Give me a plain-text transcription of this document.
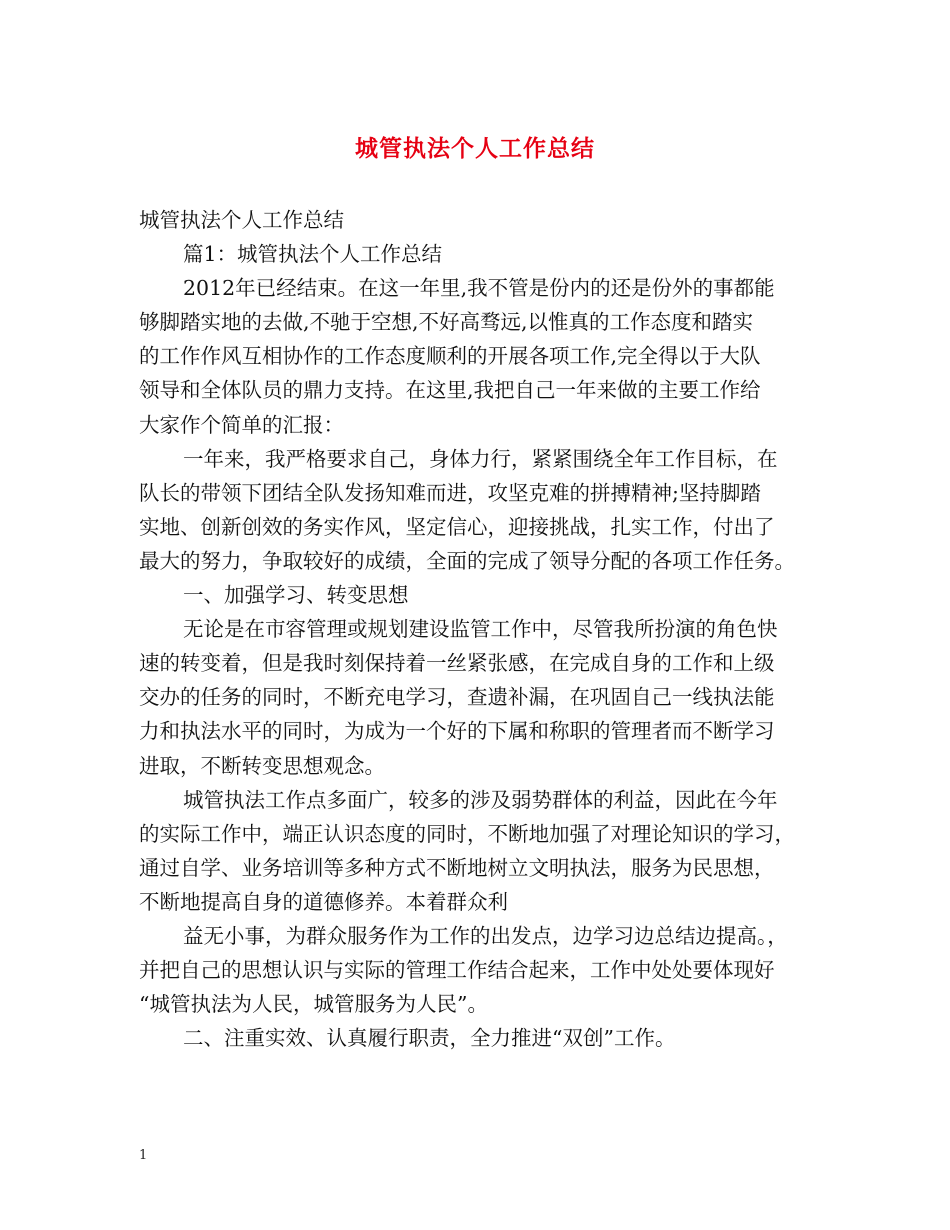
城管执法个人工作总结

城管执法个人工作总结

篇1：城管执法个人工作总结

2012年已经结束。在这一年里,我不管是份内的还是份外的事都能

够脚踏实地的去做,不驰于空想,不好高骛远,以惟真的工作态度和踏实

的工作作风互相协作的工作态度顺利的开展各项工作,完全得以于大队

领导和全体队员的鼎力支持。在这里,我把自己一年来做的主要工作给

大家作个简单的汇报：

一年来，我严格要求自己，身体力行，紧紧围绕全年工作目标，在

队长的带领下团结全队发扬知难而进，攻坚克难的拼搏精神;坚持脚踏

实地、创新创效的务实作风，坚定信心，迎接挑战，扎实工作，付出了

最大的努力，争取较好的成绩，全面的完成了领导分配的各项工作任务。

一、加强学习、转变思想

无论是在市容管理或规划建设监管工作中，尽管我所扮演的角色快

速的转变着，但是我时刻保持着一丝紧张感，在完成自身的工作和上级

交办的任务的同时，不断充电学习，查遗补漏，在巩固自己一线执法能

力和执法水平的同时，为成为一个好的下属和称职的管理者而不断学习

进取，不断转变思想观念。

城管执法工作点多面广，较多的涉及弱势群体的利益，因此在今年

的实际工作中，端正认识态度的同时，不断地加强了对理论知识的学习，

通过自学、业务培训等多种方式不断地树立文明执法，服务为民思想，

不断地提高自身的道德修养。本着群众利

益无小事，为群众服务作为工作的出发点，边学习边总结边提高。，

并把自己的思想认识与实际的管理工作结合起来，工作中处处要体现好

“城管执法为人民，城管服务为人民”。

二、注重实效、认真履行职责，全力推进“双创”工作。

1
